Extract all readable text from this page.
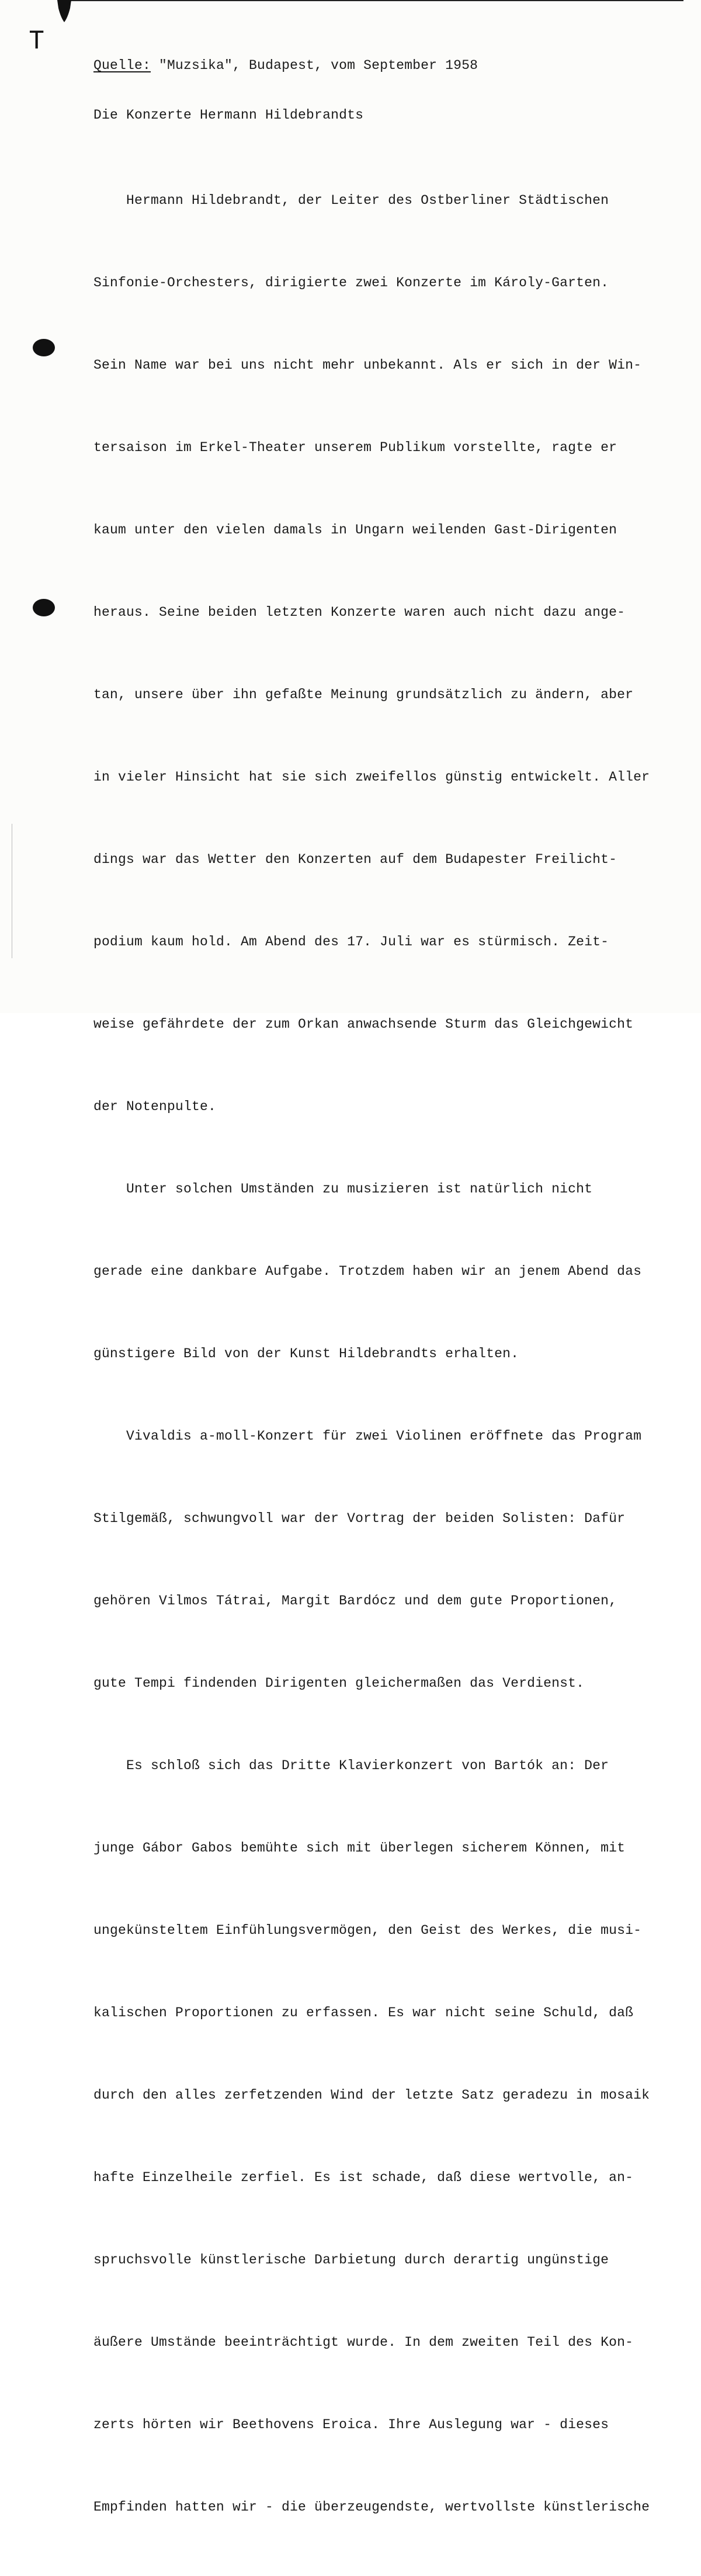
T
Quelle: "Muzsika", Budapest, vom September 1958
Die Konzerte Hermann Hildebrandts

Hermann Hildebrandt, der Leiter des Ostberliner Städtischen

Sinfonie-Orchesters, dirigierte zwei Konzerte im Károly-Garten.

Sein Name war bei uns nicht mehr unbekannt. Als er sich in der Win-

tersaison im Erkel-Theater unserem Publikum vorstellte, ragte er

kaum unter den vielen damals in Ungarn weilenden Gast-Dirigenten

heraus. Seine beiden letzten Konzerte waren auch nicht dazu ange-

tan, unsere über ihn gefaßte Meinung grundsätzlich zu ändern, aber

in vieler Hinsicht hat sie sich zweifellos günstig entwickelt. Aller

dings war das Wetter den Konzerten auf dem Budapester Freilicht-

podium kaum hold. Am Abend des 17. Juli war es stürmisch. Zeit-

weise gefährdete der zum Orkan anwachsende Sturm das Gleichgewicht

der Notenpulte.

Unter solchen Umständen zu musizieren ist natürlich nicht

gerade eine dankbare Aufgabe. Trotzdem haben wir an jenem Abend das

günstigere Bild von der Kunst Hildebrandts erhalten.

Vivaldis a-moll-Konzert für zwei Violinen eröffnete das Program

Stilgemäß, schwungvoll war der Vortrag der beiden Solisten: Dafür

gehören Vilmos Tátrai, Margit Bardócz und dem gute Proportionen,

gute Tempi findenden Dirigenten gleichermaßen das Verdienst.

Es schloß sich das Dritte Klavierkonzert von Bartók an: Der

junge Gábor Gabos bemühte sich mit überlegen sicherem Können, mit

ungekünsteltem Einfühlungsvermögen, den Geist des Werkes, die musi-

kalischen Proportionen zu erfassen. Es war nicht seine Schuld, daß

durch den alles zerfetzenden Wind der letzte Satz geradezu in mosaik

hafte Einzelheile zerfiel. Es ist schade, daß diese wertvolle, an-

spruchsvolle künstlerische Darbietung durch derartig ungünstige

äußere Umstände beeinträchtigt wurde. In dem zweiten Teil des Kon-

zerts hörten wir Beethovens Eroica. Ihre Auslegung war - dieses

Empfinden hatten wir - die überzeugendste, wertvollste künstlerische
